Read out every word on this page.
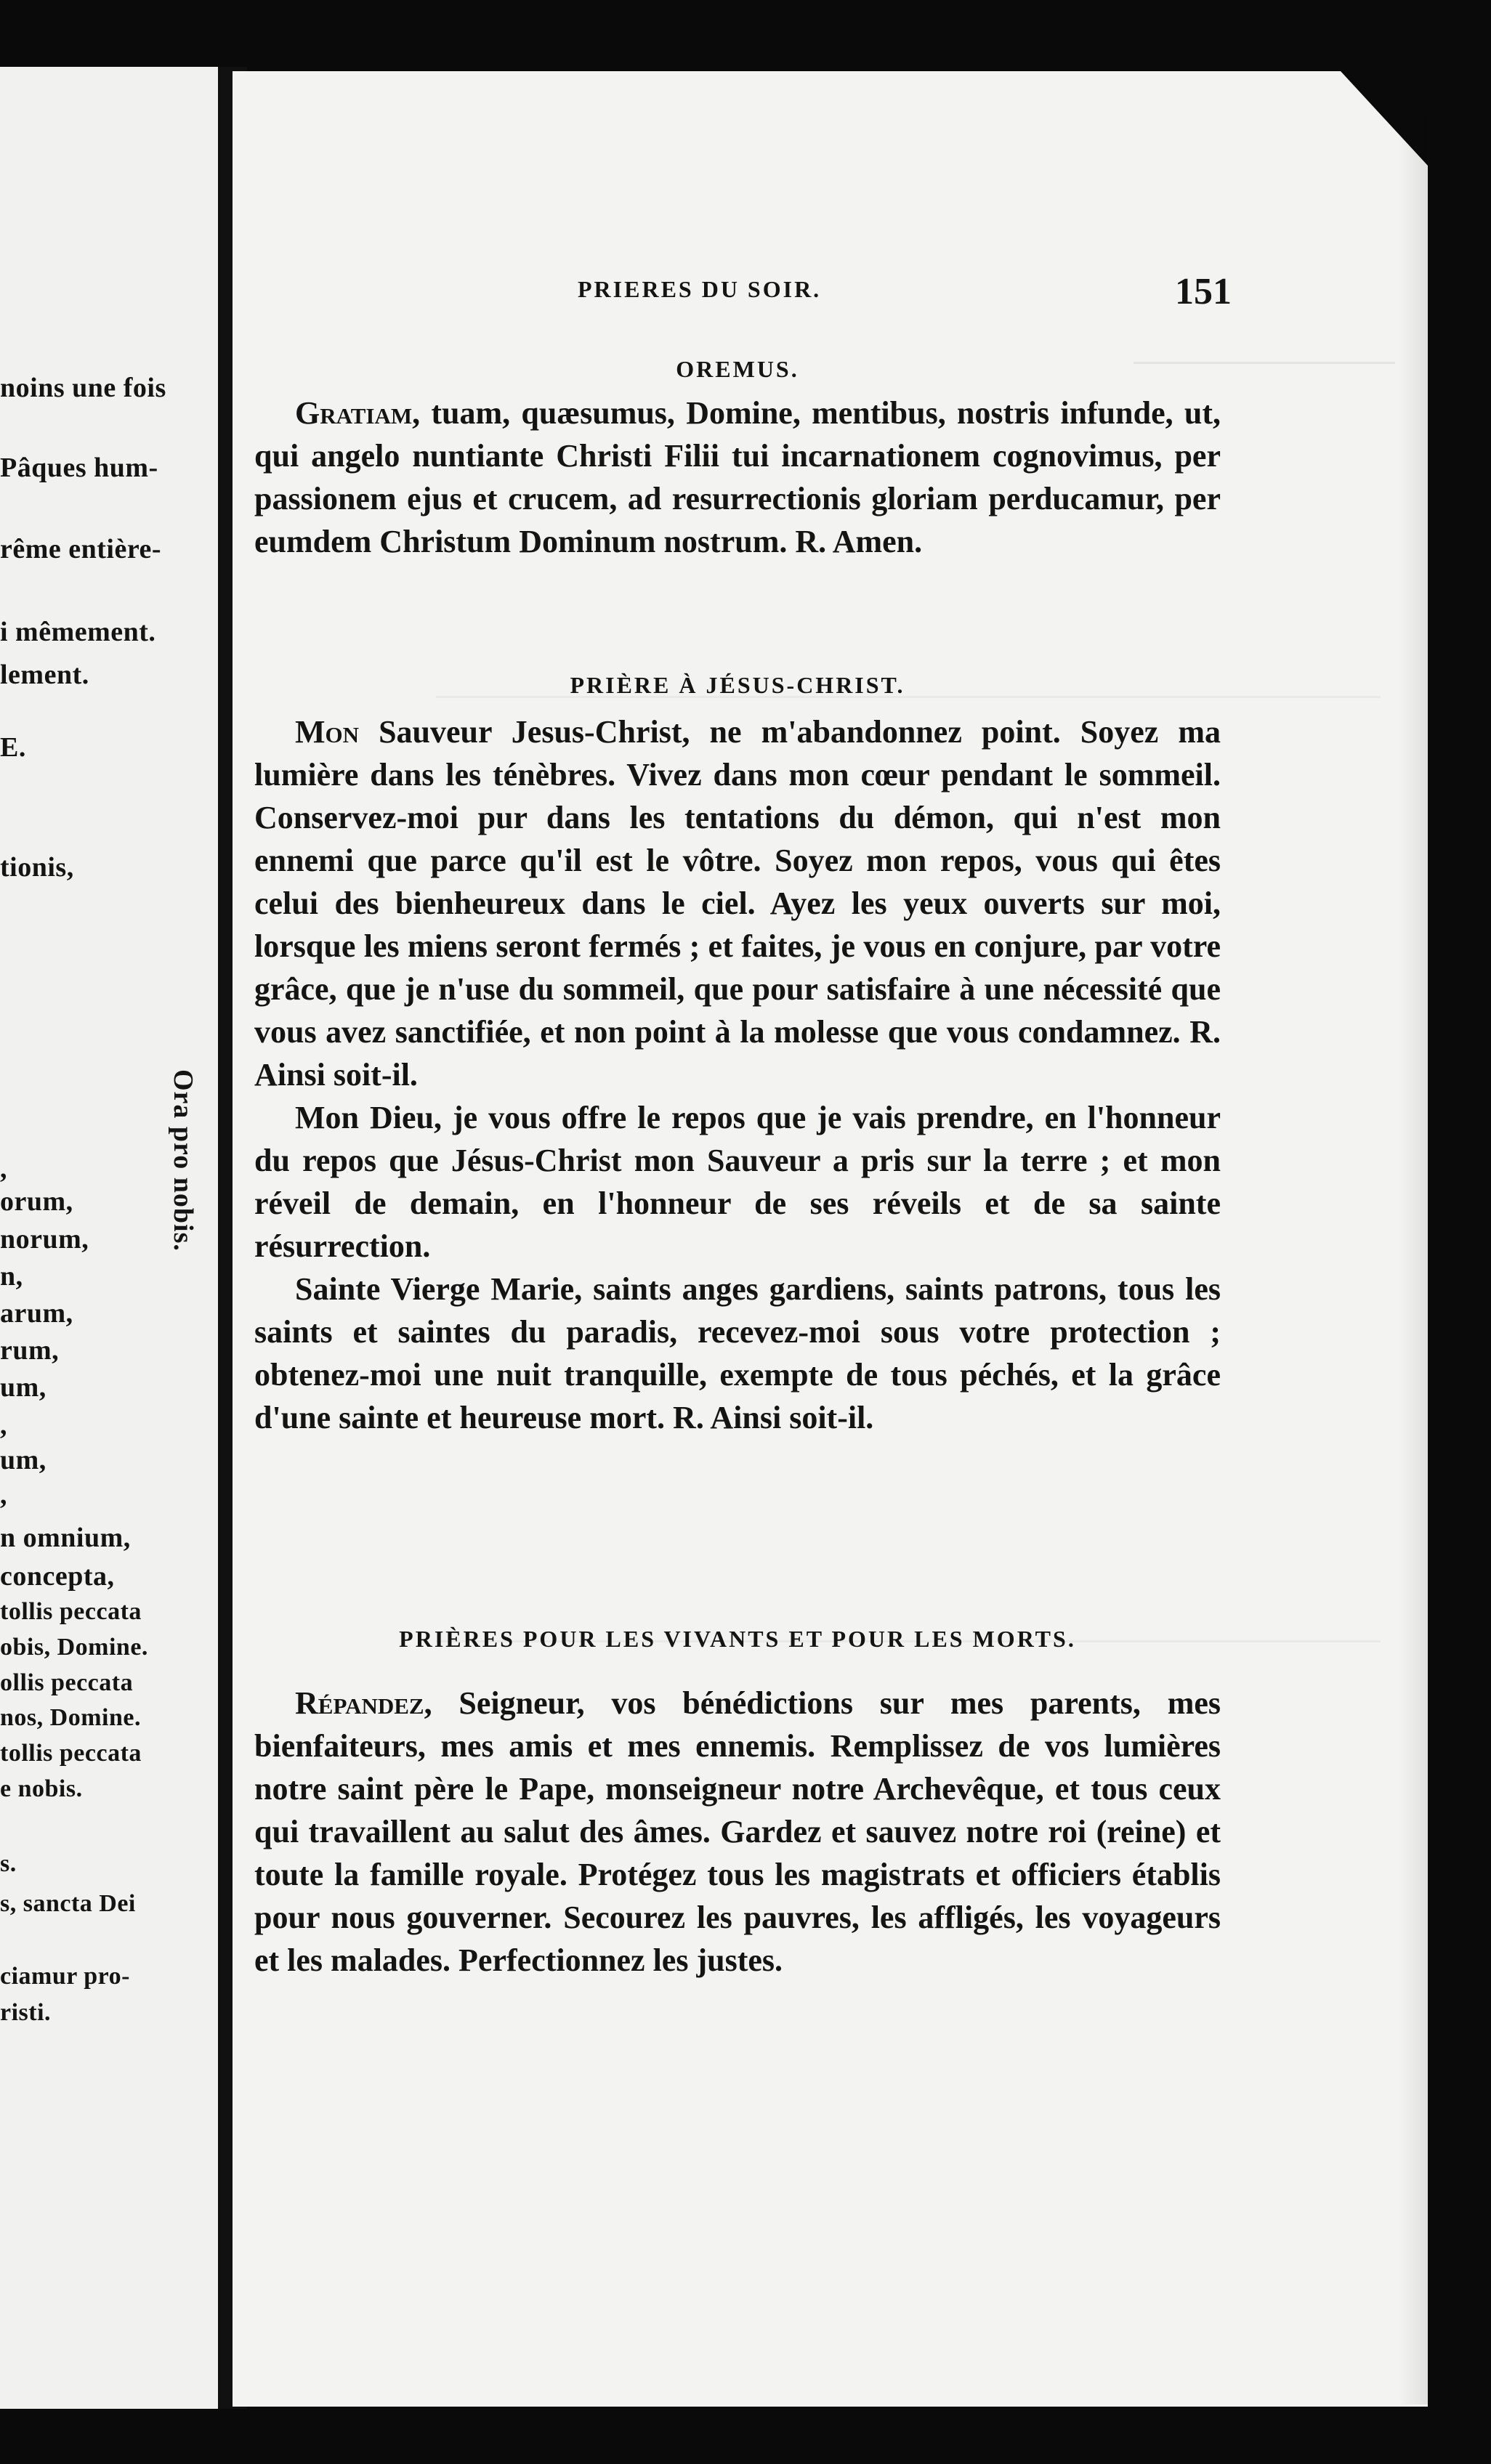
noins une fois
Pâques hum-
rême entière-
i mêmement.
lement.
E.
tionis,
,
orum,
norum,
n,
arum,
rum,
um,
,
um,
,
n omnium,
concepta,
tollis peccata
obis, Domine.
ollis peccata
nos, Domine.
tollis peccata
e nobis.
s.
s, sancta Dei
ciamur pro-
risti.
Ora pro nobis.
PRIERES DU SOIR.	151
OREMUS.

Gratiam, tuam, quæsumus, Domine, mentibus, nostris infunde, ut, qui angelo nuntiante Christi Filii tui incarnationem cognovimus, per passionem ejus et crucem, ad resurrectionis gloriam perducamur, per eumdem Christum Dominum nostrum. R. Amen.

PRIÈRE À JÉSUS-CHRIST.

Mon Sauveur Jesus-Christ, ne m'abandonnez point. Soyez ma lumière dans les ténèbres. Vivez dans mon cœur pendant le sommeil. Conservez-moi pur dans les tentations du démon, qui n'est mon ennemi que parce qu'il est le vôtre. Soyez mon repos, vous qui êtes celui des bienheureux dans le ciel. Ayez les yeux ouverts sur moi, lorsque les miens seront fermés ; et faites, je vous en conjure, par votre grâce, que je n'use du sommeil, que pour satisfaire à une nécessité que vous avez sanctifiée, et non point à la molesse que vous condamnez. R. Ainsi soit-il.

Mon Dieu, je vous offre le repos que je vais prendre, en l'honneur du repos que Jésus-Christ mon Sauveur a pris sur la terre ; et mon réveil de demain, en l'honneur de ses réveils et de sa sainte résurrection.

Sainte Vierge Marie, saints anges gardiens, saints patrons, tous les saints et saintes du paradis, recevez-moi sous votre protection ; obtenez-moi une nuit tranquille, exempte de tous péchés, et la grâce d'une sainte et heureuse mort. R. Ainsi soit-il.

PRIÈRES POUR LES VIVANTS ET POUR LES MORTS.

Répandez, Seigneur, vos bénédictions sur mes parents, mes bienfaiteurs, mes amis et mes ennemis. Remplissez de vos lumières notre saint père le Pape, monseigneur notre Archevêque, et tous ceux qui travaillent au salut des âmes. Gardez et sauvez notre roi (reine) et toute la famille royale. Protégez tous les magistrats et officiers établis pour nous gouverner. Secourez les pauvres, les affligés, les voyageurs et les malades. Perfectionnez les justes.
